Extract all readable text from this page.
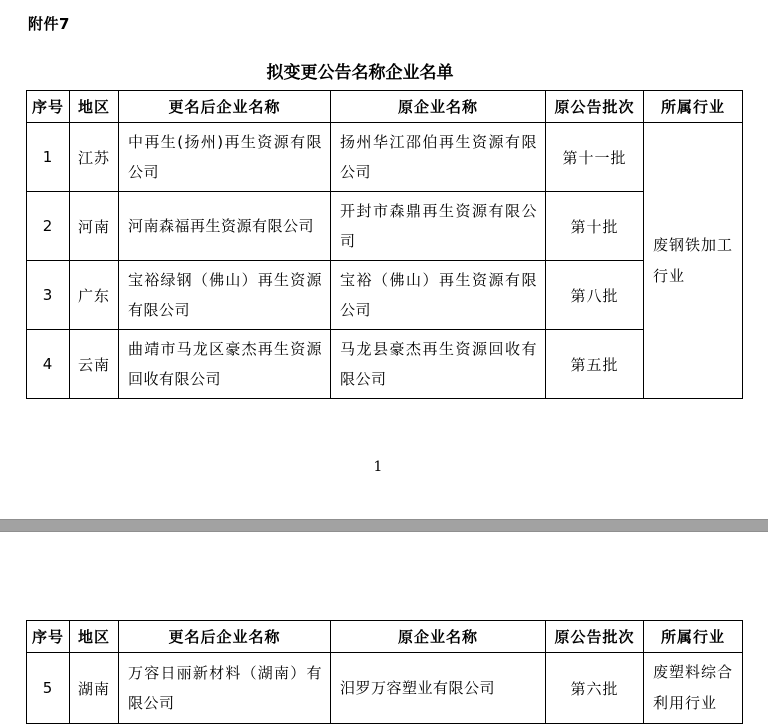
附件7
拟变更公告名称企业名单
序号	地区	更名后企业名称	原企业名称	原公告批次	所属行业
1	江苏	中再生(扬州)再生资源有限公司	扬州华江邵伯再生资源有限公司	第十一批	废钢铁加工行业
2	河南	河南森福再生资源有限公司	开封市森鼎再生资源有限公司	第十批	
3	广东	宝裕绿钢（佛山）再生资源有限公司	宝裕（佛山）再生资源有限公司	第八批	
4	云南	曲靖市马龙区豪杰再生资源回收有限公司	马龙县豪杰再生资源回收有限公司	第五批	
1
序号	地区	更名后企业名称	原企业名称	原公告批次	所属行业
5	湖南	万容日丽新材料（湖南）有限公司	汨罗万容塑业有限公司	第六批	废塑料综合利用行业
